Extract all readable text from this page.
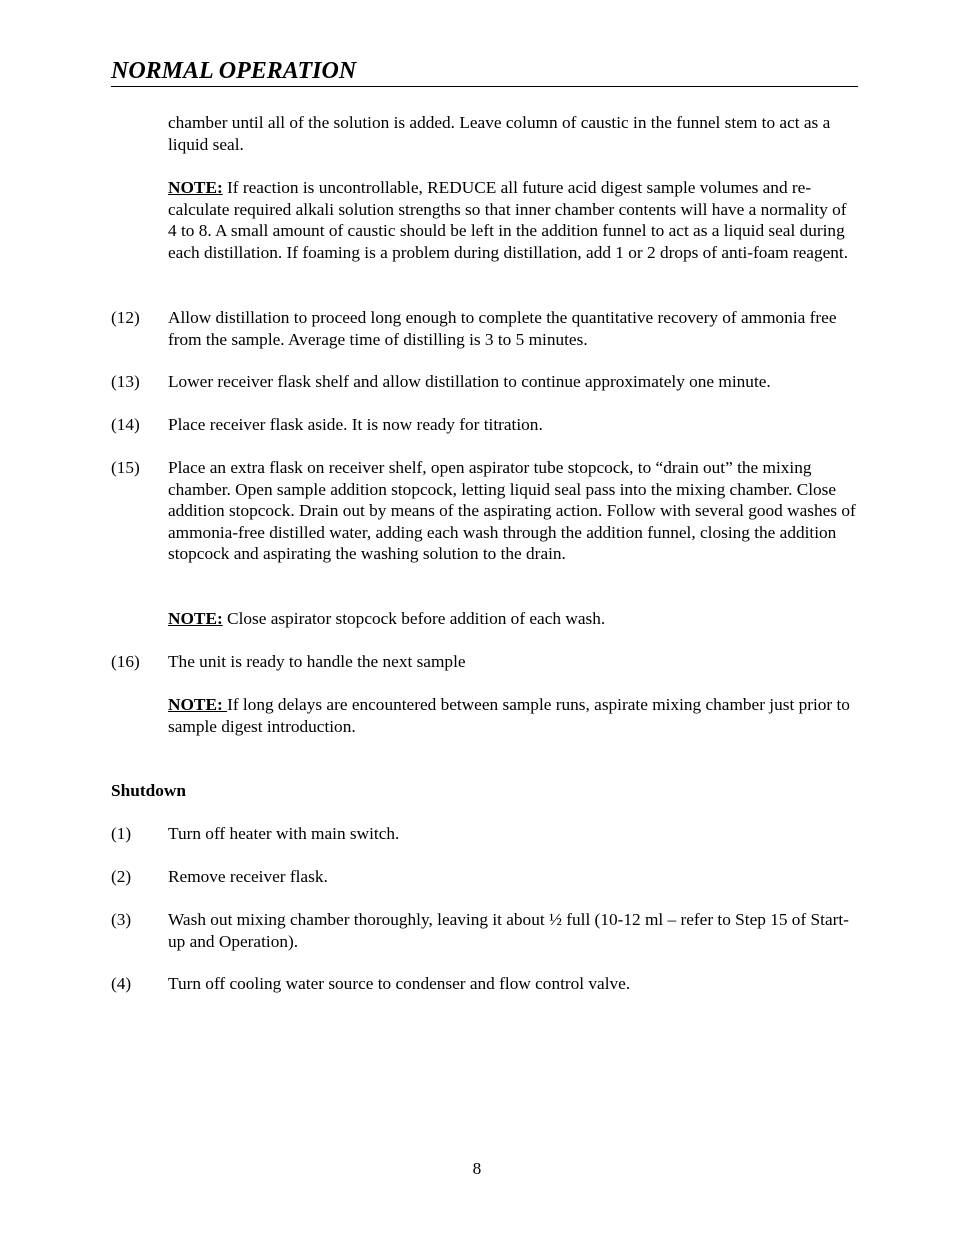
NORMAL OPERATION
chamber until all of the solution is added. Leave column of caustic in the funnel stem to act as a liquid seal.
NOTE: If reaction is uncontrollable, REDUCE all future acid digest sample volumes and re-calculate required alkali solution strengths so that inner chamber contents will have a normality of 4 to 8. A small amount of caustic should be left in the addition funnel to act as a liquid seal during each distillation. If foaming is a problem during distillation, add 1 or 2 drops of anti-foam reagent.
(12) Allow distillation to proceed long enough to complete the quantitative recovery of ammonia free from the sample. Average time of distilling is 3 to 5 minutes.
(13) Lower receiver flask shelf and allow distillation to continue approximately one minute.
(14) Place receiver flask aside. It is now ready for titration.
(15) Place an extra flask on receiver shelf, open aspirator tube stopcock, to “drain out” the mixing chamber. Open sample addition stopcock, letting liquid seal pass into the mixing chamber. Close addition stopcock. Drain out by means of the aspirating action. Follow with several good washes of ammonia-free distilled water, adding each wash through the addition funnel, closing the addition stopcock and aspirating the washing solution to the drain.
NOTE: Close aspirator stopcock before addition of each wash.
(16) The unit is ready to handle the next sample
NOTE: If long delays are encountered between sample runs, aspirate mixing chamber just prior to sample digest introduction.
Shutdown
(1) Turn off heater with main switch.
(2) Remove receiver flask.
(3) Wash out mixing chamber thoroughly, leaving it about ½ full (10-12 ml – refer to Step 15 of Start-up and Operation).
(4) Turn off cooling water source to condenser and flow control valve.
8
